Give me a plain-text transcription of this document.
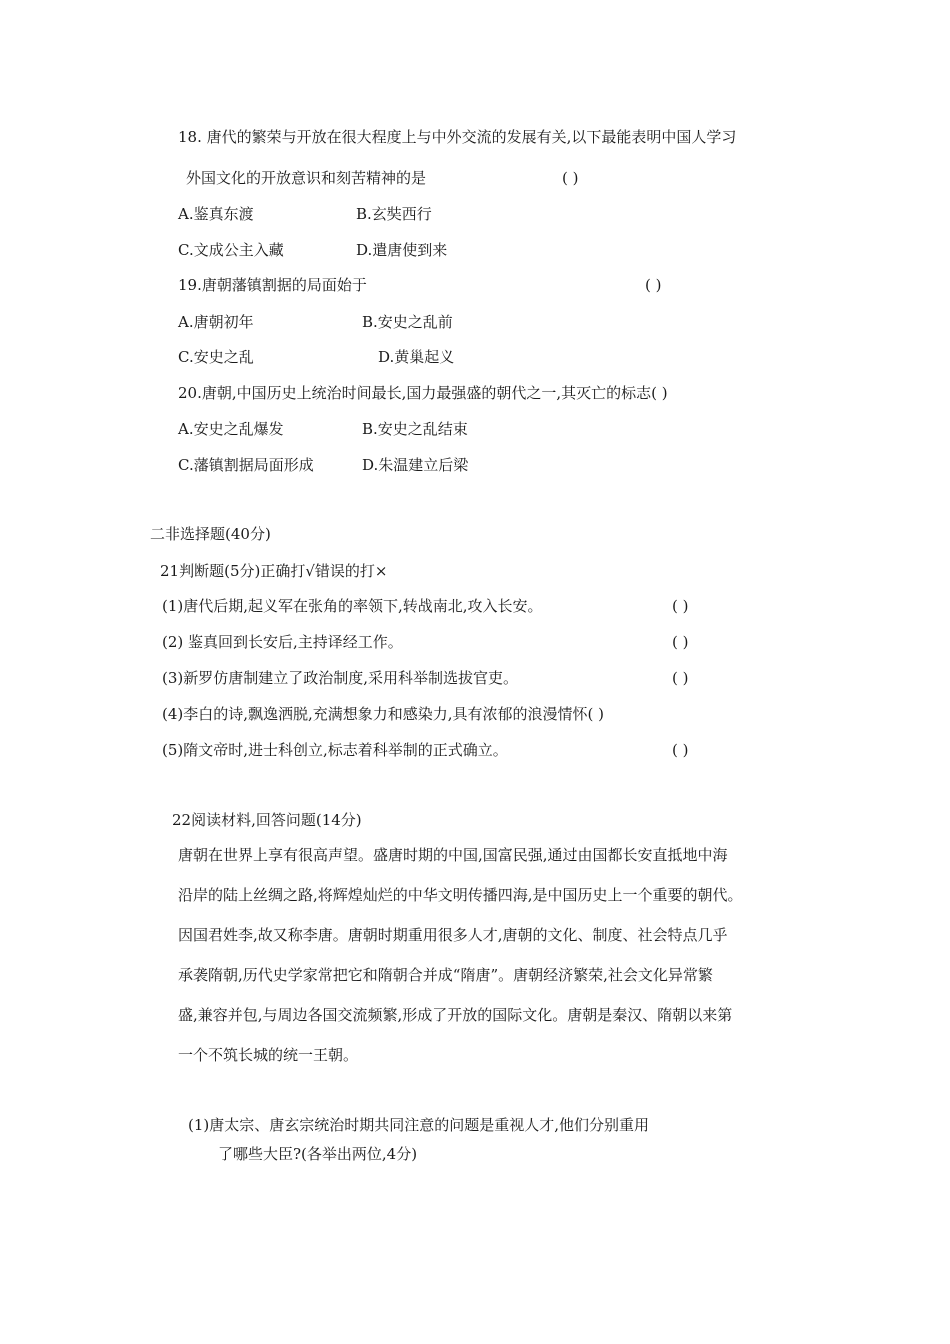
18. 唐代的繁荣与开放在很大程度上与中外交流的发展有关,以下最能表明中国人学习
外国文化的开放意识和刻苦精神的是	( )
A.鉴真东渡	B.玄奘西行
C.文成公主入藏	D.遣唐使到来
19.唐朝藩镇割据的局面始于	( )
A.唐朝初年	B.安史之乱前
C.安史之乱	D.黄巢起义
20.唐朝,中国历史上统治时间最长,国力最强盛的朝代之一,其灭亡的标志( )
A.安史之乱爆发	B.安史之乱结束
C.藩镇割据局面形成	D.朱温建立后梁
二非选择题(40分)
21判断题(5分)正确打√错误的打×
(1)唐代后期,起义军在张角的率领下,转战南北,攻入长安。	( )
(2) 鉴真回到长安后,主持译经工作。	( )
(3)新罗仿唐制建立了政治制度,采用科举制选拔官吏。	( )
(4)李白的诗,飘逸洒脱,充满想象力和感染力,具有浓郁的浪漫情怀( )
(5)隋文帝时,进士科创立,标志着科举制的正式确立。	( )
22阅读材料,回答问题(14分)
唐朝在世界上享有很高声望。盛唐时期的中国,国富民强,通过由国都长安直抵地中海
沿岸的陆上丝绸之路,将辉煌灿烂的中华文明传播四海,是中国历史上一个重要的朝代。
因国君姓李,故又称李唐。唐朝时期重用很多人才,唐朝的文化、制度、社会特点几乎
承袭隋朝,历代史学家常把它和隋朝合并成“隋唐”。唐朝经济繁荣,社会文化异常繁
盛,兼容并包,与周边各国交流频繁,形成了开放的国际文化。唐朝是秦汉、隋朝以来第
一个不筑长城的统一王朝。
(1)唐太宗、唐玄宗统治时期共同注意的问题是重视人才,他们分别重用
了哪些大臣?(各举出两位,4分)
